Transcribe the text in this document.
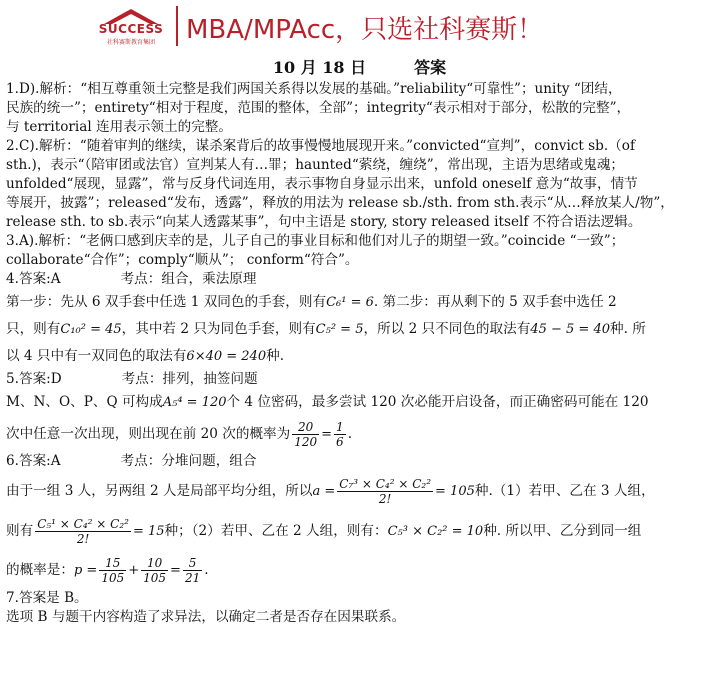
SUCCESS
社科赛斯教育集团	MBA/MPAcc，只选社科赛斯！
10 月 18 日	答案
1.D).解析：“相互尊重领土完整是我们两国关系得以发展的基础。”reliability“可靠性”；unity “团结，
民族的统一”；entirety“相对于程度，范围的整体，全部”；integrity“表示相对于部分，松散的完整”，
与 territorial 连用表示领土的完整。
2.C).解析：“随着审判的继续，谋杀案背后的故事慢慢地展现开来。”convicted“宣判”，convict sb.（of
sth.)，表示“（陪审团或法官）宣判某人有…罪；haunted“萦绕，缠绕”，常出现，主语为思绪或鬼魂；
unfolded“展现，显露”，常与反身代词连用，表示事物自身显示出来，unfold oneself 意为“故事，情节
等展开，披露”；released“发布，透露”，释放的用法为 release sb./sth. from sth.表示“从…释放某人/物”，
release sth. to sb.表示“向某人透露某事”，句中主语是 story, story released itself 不符合语法逻辑。
3.A).解析：“老俩口感到庆幸的是，儿子自己的事业目标和他们对儿子的期望一致。”coincide “一致”；
collaborate“合作”；comply“顺从”； conform“符合”。
4.答案:A	考点：组合，乘法原理
第一步：先从 6 双手套中任选 1 双同色的手套，则有C₆¹ = 6. 第二步：再从剩下的 5 双手套中选任 2
只，则有C₁₀² = 45，其中若 2 只为同色手套，则有C₅² = 5，所以 2 只不同色的取法有45 − 5 = 40种. 所
以 4 只中有一双同色的取法有6×40 = 240种.
5.答案:D	考点：排列，抽签问题
M、N、O、P、Q 可构成A₅⁴ = 120个 4 位密码，最多尝试 120 次必能开启设备，而正确密码可能在 120
次中任意一次出现，则出现在前 20 次的概率为 $\frac{20}{120} = \frac{1}{6}$ .
6.答案:A	考点：分堆问题，组合
由于一组 3 人，另两组 2 人是局部平均分组，所以$a = \frac{\text{C₇³ × C₄² × C₂²}}{2!} = 105$种.（1）若甲、乙在 3 人组，
则有 $\frac{\text{C₅¹ × C₄² × C₂²}}{2!} = 15$种；（2）若甲、乙在 2 人组，则有：C₅³ × C₂² = 10种. 所以甲、乙分到同一组
的概率是：$p = \frac{15}{105} + \frac{10}{105} = \frac{5}{21}$ .
7.答案是 B。
选项 B 与题干内容构造了求异法，以确定二者是否存在因果联系。
